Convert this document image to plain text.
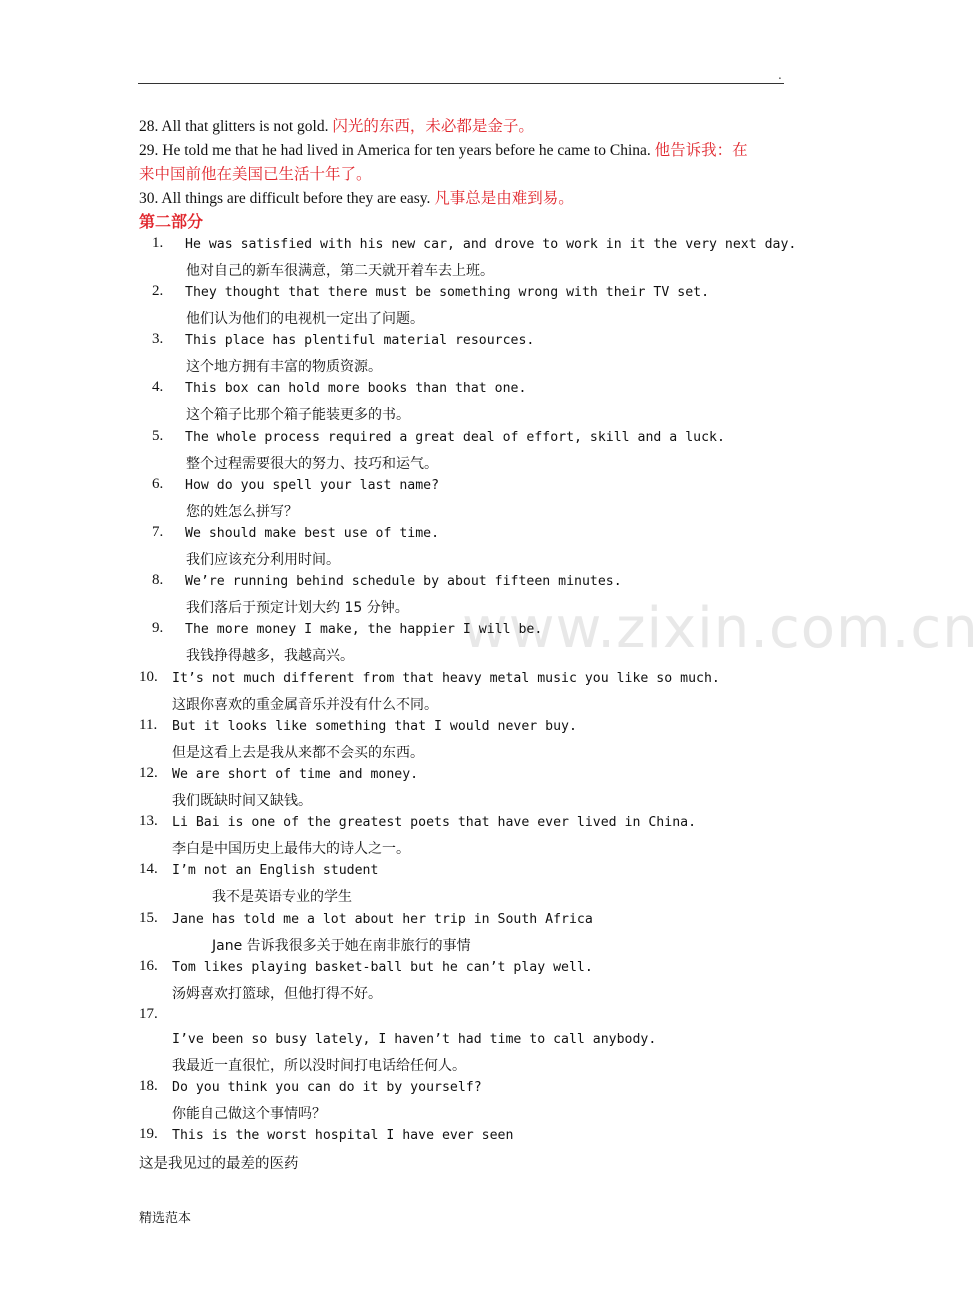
.
www.zixin.com.cn
28. All that glitters is not gold. 闪光的东西，未必都是金子。
29. He told me that he had lived in America for ten years before he came to China. 他告诉我：在
来中国前他在美国已生活十年了。
30. All things are difficult before they are easy. 凡事总是由难到易。
第二部分
1. He was satisfied with his new car, and drove to work in it the very next day.
他对自己的新车很满意，第二天就开着车去上班。
2. They thought that there must be something wrong with their TV set.
他们认为他们的电视机一定出了问题。
3. This place has plentiful material resources.
这个地方拥有丰富的物质资源。
4. This box can hold more books than that one.
这个箱子比那个箱子能装更多的书。
5. The whole process required a great deal of effort, skill and a luck.
整个过程需要很大的努力、技巧和运气。
6. How do you spell your last name?
您的姓怎么拼写？
7. We should make best use of time.
我们应该充分利用时间。
8. We’re running behind schedule by about fifteen minutes.
我们落后于预定计划大约 15 分钟。
9. The more money I make, the happier I will be.
我钱挣得越多，我越高兴。
10. It’s not much different from that heavy metal music you like so much.
这跟你喜欢的重金属音乐并没有什么不同。
11. But it looks like something that I would never buy.
但是这看上去是我从来都不会买的东西。
12. We are short of time and money.
我们既缺时间又缺钱。
13. Li Bai is one of the greatest poets that have ever lived in China.
李白是中国历史上最伟大的诗人之一。
14. I’m not an English student
我不是英语专业的学生
15. Jane has told me a lot about her trip in South Africa
Jane 告诉我很多关于她在南非旅行的事情
16. Tom likes playing basket-ball but he can’t play well.
汤姆喜欢打篮球，但他打得不好。
17.
I’ve been so busy lately, I haven’t had time to call anybody.
我最近一直很忙，所以没时间打电话给任何人。
18. Do you think you can do it by yourself?
你能自己做这个事情吗？
19. This is the worst hospital I have ever seen
这是我见过的最差的医药
精选范本
